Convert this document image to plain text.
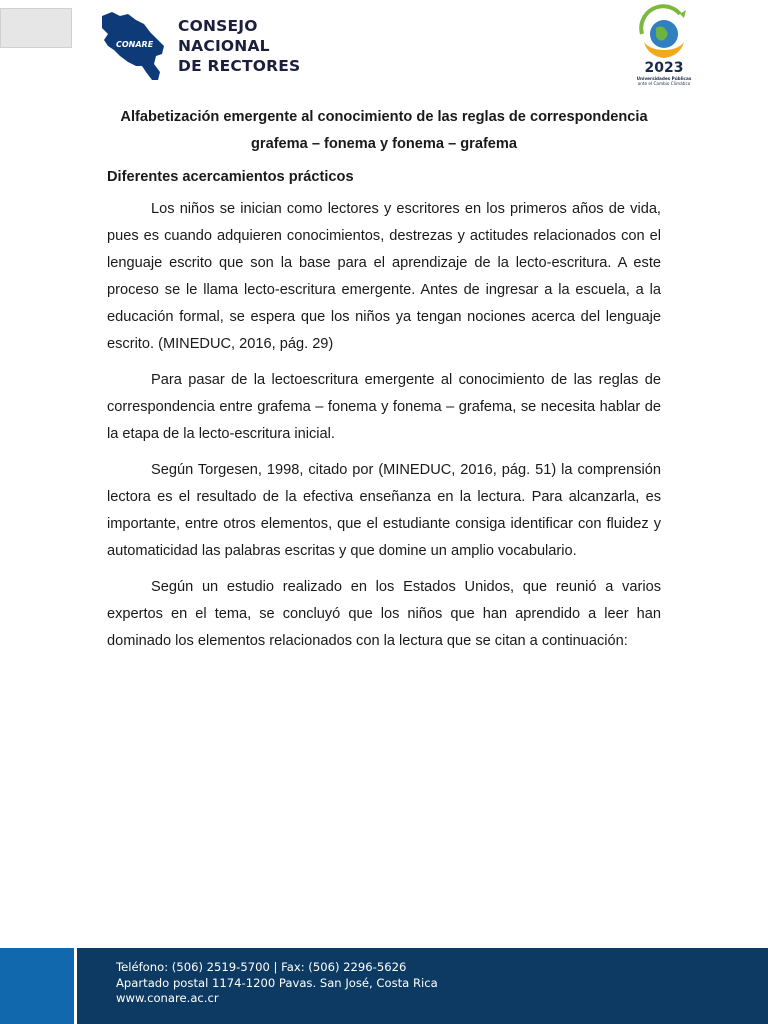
CONARE
CONSEJO
NACIONAL
DE RECTORES	2023
Universidades Públicas
ante el Cambio Climático
Alfabetización emergente al conocimiento de las reglas de correspondencia grafema – fonema y fonema – grafema
Diferentes acercamientos prácticos

Los niños se inician como lectores y escritores en los primeros años de vida, pues es cuando adquieren conocimientos, destrezas y actitudes relacionados con el lenguaje escrito que son la base para el aprendizaje de la lecto-escritura. A este proceso se le llama lecto-escritura emergente. Antes de ingresar a la escuela, a la educación formal, se espera que los niños ya tengan nociones acerca del lenguaje escrito. (MINEDUC, 2016, pág. 29)

Para pasar de la lectoescritura emergente al conocimiento de las reglas de correspondencia entre grafema – fonema y fonema – grafema, se necesita hablar de la etapa de la lecto-escritura inicial.

Según Torgesen, 1998, citado por (MINEDUC, 2016, pág. 51) la comprensión lectora es el resultado de la efectiva enseñanza en la lectura. Para alcanzarla, es importante, entre otros elementos, que el estudiante consiga identificar con fluidez y automaticidad las palabras escritas y que domine un amplio vocabulario.

Según un estudio realizado en los Estados Unidos, que reunió a varios expertos en el tema, se concluyó que los niños que han aprendido a leer han dominado los elementos relacionados con la lectura que se citan a continuación:

Teléfono: (506) 2519-5700 | Fax: (506) 2296-5626
Apartado postal 1174-1200 Pavas. San José, Costa Rica
www.conare.ac.cr
